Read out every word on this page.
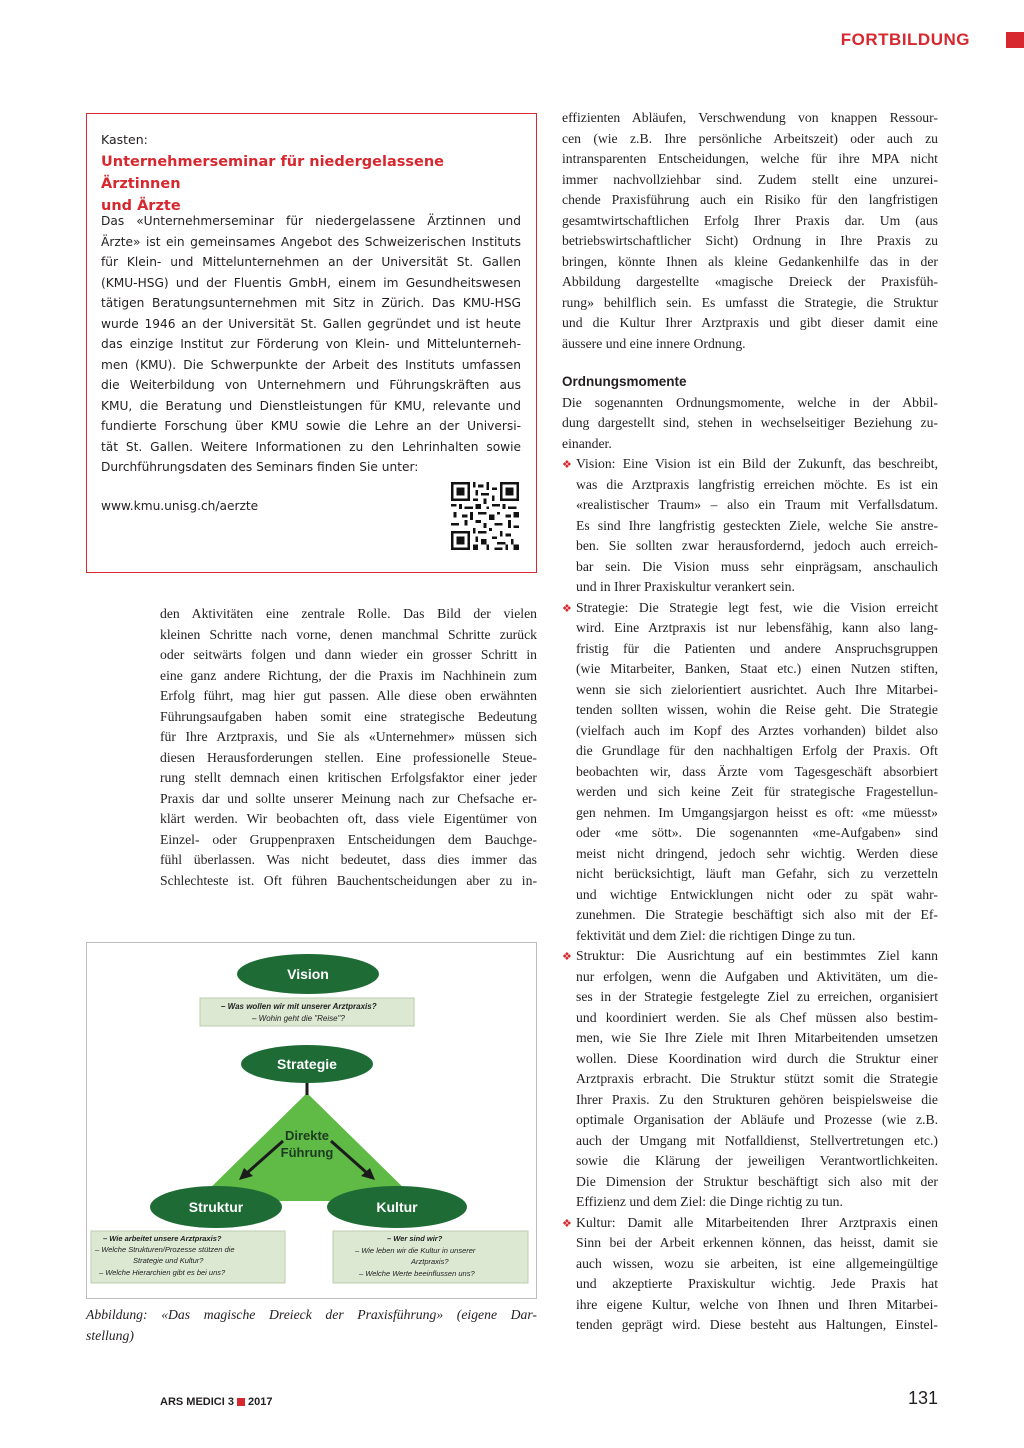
FORTBILDUNG
Kasten:
Unternehmerseminar für niedergelassene Ärztinnen
und Ärzte
Das «Unternehmerseminar für niedergelassene Ärztinnen und
Ärzte» ist ein gemeinsames Angebot des Schweizerischen Instituts
für Klein- und Mittelunternehmen an der Universität St. Gallen
(KMU-HSG) und der Fluentis GmbH, einem im Gesundheitswesen
tätigen Beratungsunternehmen mit Sitz in Zürich. Das KMU-HSG
wurde 1946 an der Universität St. Gallen gegründet und ist heute
das einzige Institut zur Förderung von Klein- und Mittelunterneh-
men (KMU). Die Schwerpunkte der Arbeit des Instituts umfassen
die Weiterbildung von Unternehmern und Führungskräften aus
KMU, die Beratung und Dienstleistungen für KMU, relevante und
fundierte Forschung über KMU sowie die Lehre an der Universi-
tät St. Gallen. Weitere Informationen zu den Lehrinhalten sowie
Durchführungsdaten des Seminars finden Sie unter:
www.kmu.unisg.ch/aerzte
den Aktivitäten eine zentrale Rolle. Das Bild der vielen
kleinen Schritte nach vorne, denen manchmal Schritte zurück
oder seitwärts folgen und dann wieder ein grosser Schritt in
eine ganz andere Richtung, der die Praxis im Nachhinein zum
Erfolg führt, mag hier gut passen. Alle diese oben erwähnten
Führungsaufgaben haben somit eine strategische Bedeutung
für Ihre Arztpraxis, und Sie als «Unternehmer» müssen sich
diesen Herausforderungen stellen. Eine professionelle Steue-
rung stellt demnach einen kritischen Erfolgsfaktor einer jeder
Praxis dar und sollte unserer Meinung nach zur Chefsache er-
klärt werden. Wir beobachten oft, dass viele Eigentümer von
Einzel- oder Gruppenpraxen Entscheidungen dem Bauchge-
fühl überlassen. Was nicht bedeutet, dass dies immer das
Schlechteste ist. Oft führen Bauchentscheidungen aber zu in-
Direkte
Führung
Vision
– Was wollen wir mit unserer Arztpraxis?
– Wohin geht die "Reise"?
Strategie
Struktur	Kultur
– Wie arbeitet unsere Arztpraxis?
– Welche Strukturen/Prozesse stützen die
Strategie und Kultur?
– Welche Hierarchien gibt es bei uns?
– Wer sind wir?
– Wie leben wir die Kultur in unserer
Arztpraxis?
– Welche Werte beeinflussen uns?
Abbildung: «Das magische Dreieck der Praxisführung» (eigene Dar-
stellung)
effizienten Abläufen, Verschwendung von knappen Ressour-
cen (wie z.B. Ihre persönliche Arbeitszeit) oder auch zu
intransparenten Entscheidungen, welche für ihre MPA nicht
immer nachvollziehbar sind. Zudem stellt eine unzurei-
chende Praxisführung auch ein Risiko für den langfristigen
gesamtwirtschaftlichen Erfolg Ihrer Praxis dar. Um (aus
betriebswirtschaftlicher Sicht) Ordnung in Ihre Praxis zu
bringen, könnte Ihnen als kleine Gedankenhilfe das in der
Abbildung dargestellte «magische Dreieck der Praxisfüh-
rung» behilflich sein. Es umfasst die Strategie, die Struktur
und die Kultur Ihrer Arztpraxis und gibt dieser damit eine
äussere und eine innere Ordnung.
Ordnungsmomente
Die sogenannten Ordnungsmomente, welche in der Abbil-
dung dargestellt sind, stehen in wechselseitiger Beziehung zu-
einander.
❖ Vision: Eine Vision ist ein Bild der Zukunft, das beschreibt,
was die Arztpraxis langfristig erreichen möchte. Es ist ein
«realistischer Traum» – also ein Traum mit Verfallsdatum.
Es sind Ihre langfristig gesteckten Ziele, welche Sie anstre-
ben. Sie sollten zwar herausfordernd, jedoch auch erreich-
bar sein. Die Vision muss sehr einprägsam, anschaulich
und in Ihrer Praxiskultur verankert sein.
❖ Strategie: Die Strategie legt fest, wie die Vision erreicht
wird. Eine Arztpraxis ist nur lebensfähig, kann also lang-
fristig für die Patienten und andere Anspruchsgruppen
(wie Mitarbeiter, Banken, Staat etc.) einen Nutzen stiften,
wenn sie sich zielorientiert ausrichtet. Auch Ihre Mitarbei-
tenden sollten wissen, wohin die Reise geht. Die Strategie
(vielfach auch im Kopf des Arztes vorhanden) bildet also
die Grundlage für den nachhaltigen Erfolg der Praxis. Oft
beobachten wir, dass Ärzte vom Tagesgeschäft absorbiert
werden und sich keine Zeit für strategische Fragestellun-
gen nehmen. Im Umgangsjargon heisst es oft: «me müesst»
oder «me sött». Die sogenannten «me-Aufgaben» sind
meist nicht dringend, jedoch sehr wichtig. Werden diese
nicht berücksichtigt, läuft man Gefahr, sich zu verzetteln
und wichtige Entwicklungen nicht oder zu spät wahr-
zunehmen. Die Strategie beschäftigt sich also mit der Ef-
fektivität und dem Ziel: die richtigen Dinge zu tun.
❖ Struktur: Die Ausrichtung auf ein bestimmtes Ziel kann
nur erfolgen, wenn die Aufgaben und Aktivitäten, um die-
ses in der Strategie festgelegte Ziel zu erreichen, organisiert
und koordiniert werden. Sie als Chef müssen also bestim-
men, wie Sie Ihre Ziele mit Ihren Mitarbeitenden umsetzen
wollen. Diese Koordination wird durch die Struktur einer
Arztpraxis erbracht. Die Struktur stützt somit die Strategie
Ihrer Praxis. Zu den Strukturen gehören beispielsweise die
optimale Organisation der Abläufe und Prozesse (wie z.B.
auch der Umgang mit Notfalldienst, Stellvertretungen etc.)
sowie die Klärung der jeweiligen Verantwortlichkeiten.
Die Dimension der Struktur beschäftigt sich also mit der
Effizienz und dem Ziel: die Dinge richtig zu tun.
❖ Kultur: Damit alle Mitarbeitenden Ihrer Arztpraxis einen
Sinn bei der Arbeit erkennen können, das heisst, damit sie
auch wissen, wozu sie arbeiten, ist eine allgemeingültige
und akzeptierte Praxiskultur wichtig. Jede Praxis hat
ihre eigene Kultur, welche von Ihnen und Ihren Mitarbei-
tenden geprägt wird. Diese besteht aus Haltungen, Einstel-
ARS MEDICI 3 2017	131
